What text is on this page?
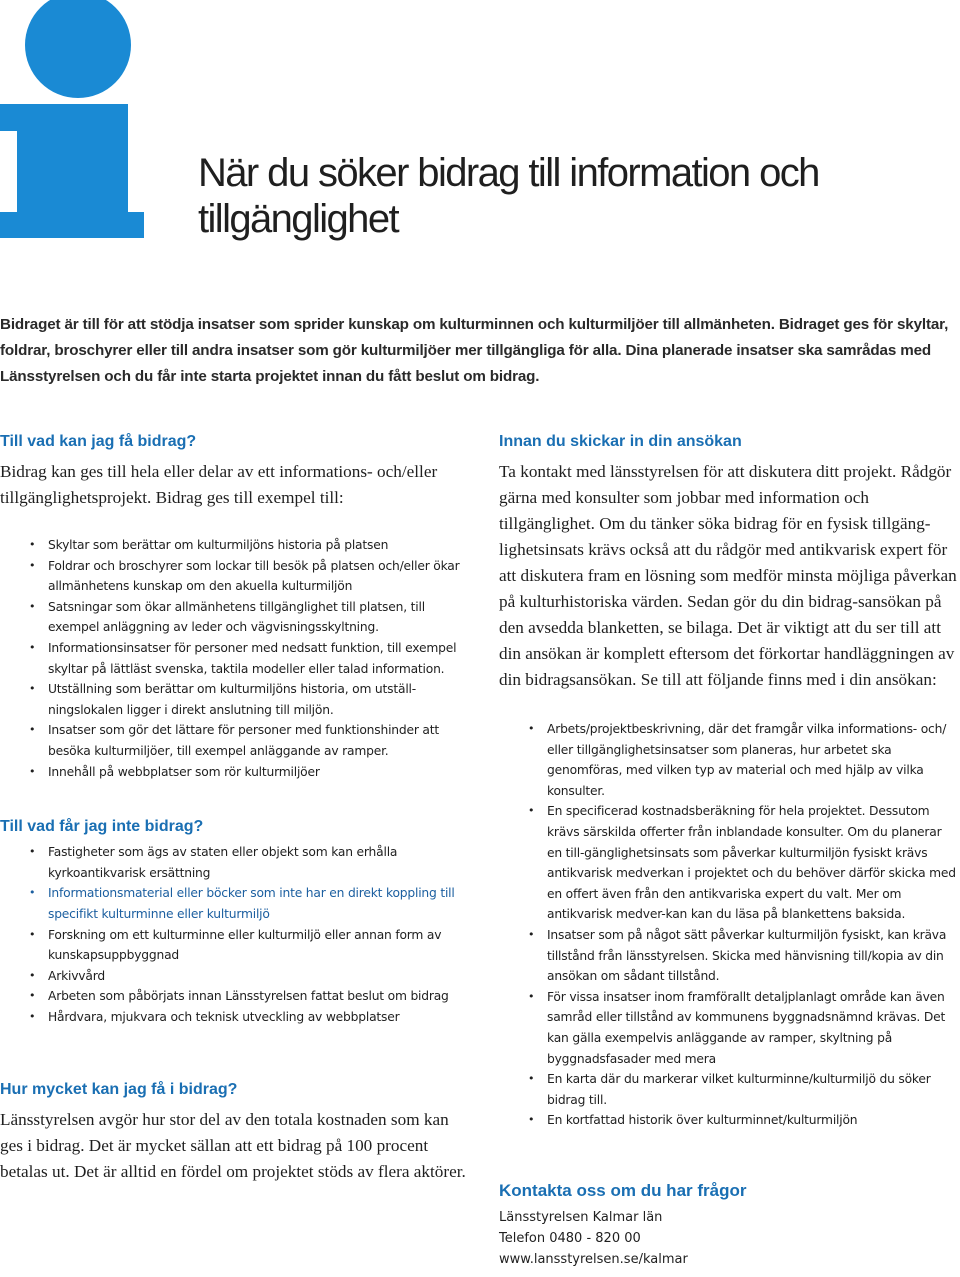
När du söker bidrag till information och tillgänglighet

Bidraget är till för att stödja insatser som sprider kunskap om kulturminnen och kulturmiljöer till allmänheten. Bidraget ges för skyltar, foldrar, broschyrer eller till andra insatser som gör kulturmiljöer mer tillgängliga för alla. Dina planerade insatser ska samrådas med Länsstyrelsen och du får inte starta projektet innan du fått beslut om bidrag.

Till vad kan jag få bidrag?

Bidrag kan ges till hela eller delar av ett informations- och/eller tillgänglighetsprojekt. Bidrag ges till exempel till:

• Skyltar som berättar om kulturmiljöns historia på platsen
• Foldrar och broschyrer som lockar till besök på platsen och/eller ökar allmänhetens kunskap om den akuella kulturmiljön
• Satsningar som ökar allmänhetens tillgänglighet till platsen, till exempel anläggning av leder och vägvisningsskyltning.
• Informationsinsatser för personer med nedsatt funktion, till exempel skyltar på lättläst svenska, taktila modeller eller talad information.
• Utställning som berättar om kulturmiljöns historia, om utställ-ningslokalen ligger i direkt anslutning till miljön.
• Insatser som gör det lättare för personer med funktionshinder att besöka kulturmiljöer, till exempel anläggande av ramper.
• Innehåll på webbplatser som rör kulturmiljöer
Till vad får jag inte bidrag?
• Fastigheter som ägs av staten eller objekt som kan erhålla kyrkoantikvarisk ersättning
• Informationsmaterial eller böcker som inte har en direkt koppling till specifikt kulturminne eller kulturmiljö
• Forskning om ett kulturminne eller kulturmiljö eller annan form av kunskapsuppbyggnad
• Arkivvård
• Arbeten som påbörjats innan Länsstyrelsen fattat beslut om bidrag
• Hårdvara, mjukvara och teknisk utveckling av webbplatser
Hur mycket kan jag få i bidrag?

Länsstyrelsen avgör hur stor del av den totala kostnaden som kan ges i bidrag. Det är mycket sällan att ett bidrag på 100 procent betalas ut. Det är alltid en fördel om projektet stöds av flera aktörer.

Innan du skickar in din ansökan

Ta kontakt med länsstyrelsen för att diskutera ditt projekt. Rådgör gärna med konsulter som jobbar med information och tillgänglighet. Om du tänker söka bidrag för en fysisk tillgäng-lighetsinsats krävs också att du rådgör med antikvarisk expert för att diskutera fram en lösning som medför minsta möjliga påverkan på kulturhistoriska värden. Sedan gör du din bidrag-sansökan på den avsedda blanketten, se bilaga. Det är viktigt att du ser till att din ansökan är komplett eftersom det förkortar handläggningen av din bidragsansökan. Se till att följande finns med i din ansökan:

• Arbets/projektbeskrivning, där det framgår vilka informations- och/ eller tillgänglighetsinsatser som planeras, hur arbetet ska genomföras, med vilken typ av material och med hjälp av vilka konsulter.
• En specificerad kostnadsberäkning för hela projektet. Dessutom krävs särskilda offerter från inblandade konsulter. Om du planerar en till-gänglighetsinsats som påverkar kulturmiljön fysiskt krävs antikvarisk medverkan i projektet och du behöver därför skicka med en offert även från den antikvariska expert du valt. Mer om antikvarisk medver-kan kan du läsa på blankettens baksida.
• Insatser som på något sätt påverkar kulturmiljön fysiskt, kan kräva tillstånd från länsstyrelsen. Skicka med hänvisning till/kopia av din ansökan om sådant tillstånd.
• För vissa insatser inom framförallt detaljplanlagt område kan även samråd eller tillstånd av kommunens byggnadsnämnd krävas. Det kan gälla exempelvis anläggande av ramper, skyltning på byggnadsfasader med mera
• En karta där du markerar vilket kulturminne/kulturmiljö du söker bidrag till.
• En kortfattad historik över kulturminnet/kulturmiljön
Kontakta oss om du har frågor

Länsstyrelsen Kalmar län

Telefon 0480 - 820 00

www.lansstyrelsen.se/kalmar
